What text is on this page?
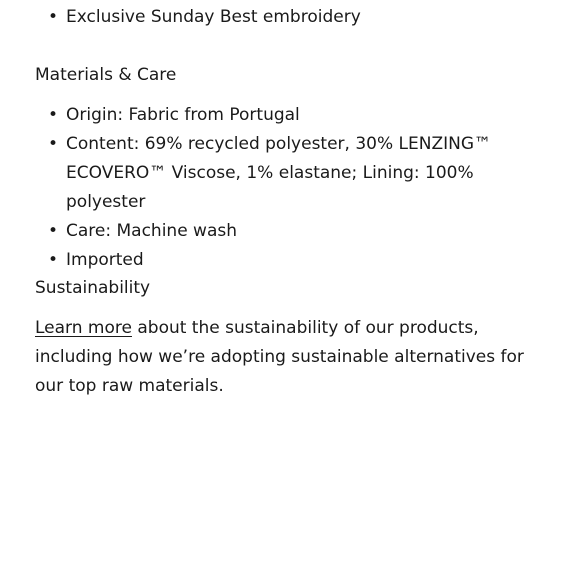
• Exclusive Sunday Best embroidery
Materials & Care
• Origin: Fabric from Portugal
• Content: 69% recycled polyester, 30% LENZING™ ECOVERO™ Viscose, 1% elastane; Lining: 100% polyester
• Care: Machine wash
• Imported
Sustainability

Learn more about the sustainability of our products, including how we’re adopting sustainable alternatives for our top raw materials.
